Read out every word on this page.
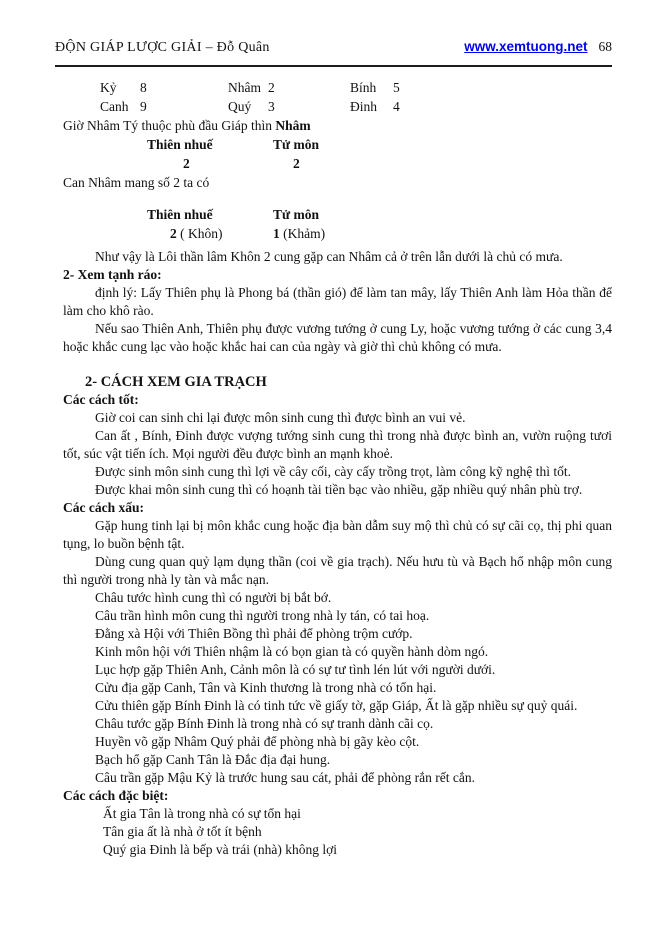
ĐỘN GIÁP LƯỢC GIẢI – Đỗ Quân	www.xemtuong.net 68
Kỷ	8	Nhâm 2	Bính	5
Canh 9	Quý	3	Đinh	4
Giờ Nhâm Tý thuộc phù đầu Giáp thìn Nhâm
Thiên nhuế	Tử môn
2	2
Can Nhâm mang số 2 ta có
Thiên nhuế	Tử môn
2 ( Khôn)	1 (Khảm)

Như vậy là Lôi thần lâm Khôn 2 cung gặp can Nhâm cả ở trên lẫn dưới là chủ có mưa.

2- Xem tạnh ráo:

định lý: Lấy Thiên phụ là Phong bá (thần gió) để làm tan mây, lấy Thiên Anh làm Hỏa thần để làm cho khô rào.

Nếu sao Thiên Anh, Thiên phụ được vương tướng ở cung Ly, hoặc vương tướng ở các cung 3,4 hoặc khắc cung lạc vào hoặc khắc hai can của ngày và giờ thì chủ không có mưa.

2- CÁCH XEM GIA TRẠCH

Các cách tốt:

Giờ coi can sinh chi lại được môn sinh cung thì được bình an vui vẻ.

Can ất , Bính, Đinh được vượng tướng sinh cung thì trong nhà được bình an, vườn ruộng tươi tốt, súc vật tiến ích. Mọi người đều được bình an mạnh khoẻ.

Được sinh môn sinh cung thì lợi về cây cối, cày cấy trồng trọt, làm công kỹ nghệ thì tốt.

Được khai môn sinh cung thì có hoạnh tài tiền bạc vào nhiều, gặp nhiều quý nhân phù trợ.

Các cách xấu:

Gặp hung tinh lại bị môn khắc cung hoặc địa bàn dẫm suy mộ thì chủ có sự cãi cọ, thị phi quan tụng, lo buồn bệnh tật.

Dùng cung quan quỷ lạm dụng thần (coi về gia trạch). Nếu hưu tù và Bạch hổ nhập môn cung thì người trong nhà ly tàn và mắc nạn.

Châu tước hình cung thì có người bị bắt bớ.

Câu trần hình môn cung thì người trong nhà ly tán, có tai hoạ.

Đằng xà Hội với Thiên Bồng thì phải để phòng trộm cướp.

Kinh môn hội với Thiên nhậm là có bọn gian tà có quyền hành dòm ngó.

Lục hợp gặp Thiên Anh, Cảnh môn là có sự tư tình lén lút với người dưới.

Cửu địa gặp Canh, Tân và Kinh thương là trong nhà có tổn hại.

Cửu thiên gặp Bính Đinh là có tinh tức về giấy tờ, gặp Giáp, Ất là gặp nhiều sự quỷ quái.

Châu tước gặp Bính Đinh là trong nhà có sự tranh dành cãi cọ.

Huyền võ gặp Nhâm Quý phải để phòng nhà bị gãy kèo cột.

Bạch hổ gặp Canh Tân là Đắc địa đại hung.

Câu trần gặp Mậu Kỷ là trước hung sau cát, phải để phòng rắn rết cắn.

Các cách đặc biệt:

Ất gia Tân là trong nhà có sự tổn hại

Tân gia ất là nhà ở tốt ít bệnh

Quý gia Đinh là bếp và trái (nhà) không lợi
